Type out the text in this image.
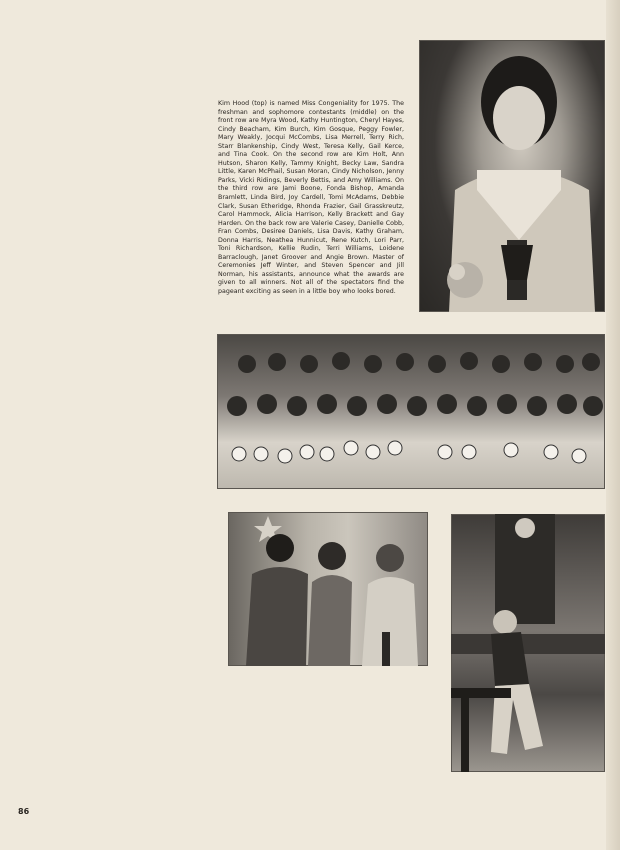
Kim Hood (top) is named Miss Congeniality for 1975. The freshman and sophomore contestants (middle) on the front row are Myra Wood, Kathy Huntington, Cheryl Hayes, Cindy Beacham, Kim Burch, Kim Gosque, Peggy Fowler, Mary Weakly, Jocqui McCombs, Lisa Merrell, Terry Rich, Starr Blankenship, Cindy West, Teresa Kelly, Gail Kerce, and Tina Cook. On the second row are Kim Holt, Ann Hutson, Sharon Kelly, Tammy Knight, Becky Law, Sandra Little, Karen McPhail, Susan Moran, Cindy Nicholson, Jenny Parks, Vicki Ridings, Beverly Bettis, and Amy Williams. On the third row are Jami Boone, Fonda Bishop, Amanda Bramlett, Linda Bird, Joy Cardell, Tomi McAdams, Debbie Clark, Susan Etheridge, Rhonda Frazier, Gail Grasskreutz, Carol Hammock, Alicia Harrison, Kelly Brackett and Gay Harden. On the back row are Valerie Casey, Danielle Cobb, Fran Combs, Desiree Daniels, Lisa Davis, Kathy Graham, Donna Harris, Neathea Hunnicut, Rene Kutch, Lori Parr, Toni Richardson, Kellie Rudin, Terri Williams, Loidene Barraclough, Janet Groover and Angie Brown. Master of Ceremonies Jeff Winter, and Steven Spencer and Jill Norman, his assistants, announce what the awards are given to all winners. Not all of the spectators find the pageant exciting as seen in a little boy who looks bored.

86
